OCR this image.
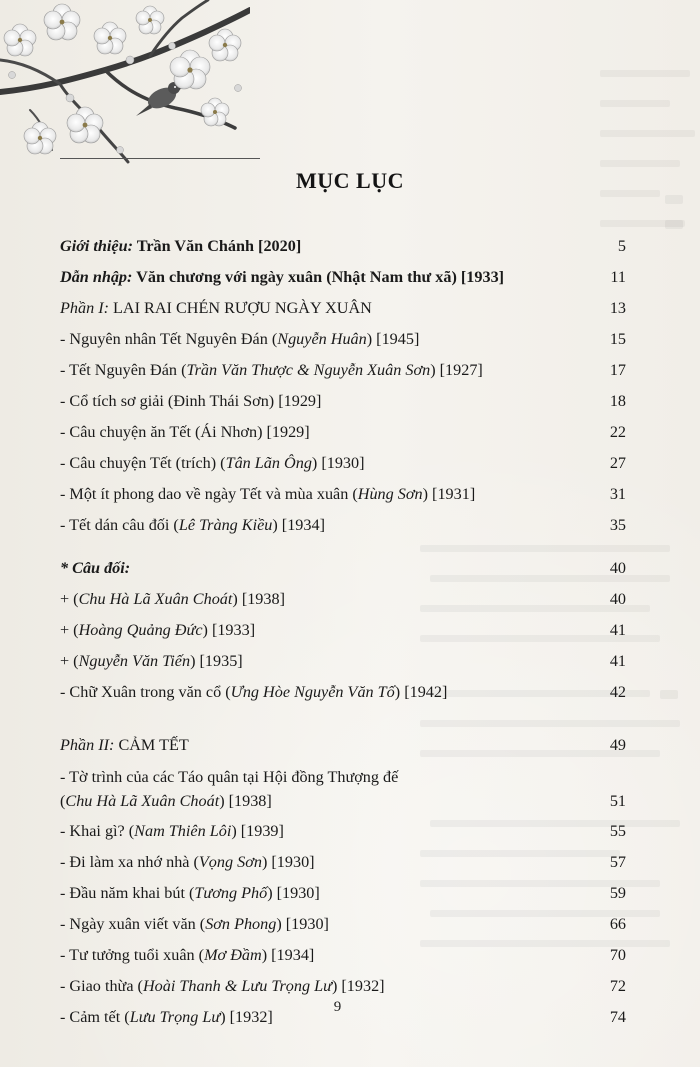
MỤC LỤC
Giới thiệu: Trần Văn Chánh [2020]	5
Dẫn nhập: Văn chương với ngày xuân (Nhật Nam thư xã) [1933]	11
Phần I: LAI RAI CHÉN RƯỢU NGÀY XUÂN	13
- Nguyên nhân Tết Nguyên Đán (Nguyễn Huân) [1945]	15
- Tết Nguyên Đán (Trần Văn Thược & Nguyễn Xuân Sơn) [1927]	17
- Cổ tích sơ giải (Đinh Thái Sơn) [1929]	18
- Câu chuyện ăn Tết (Ái Nhơn) [1929]	22
- Câu chuyện Tết (trích) (Tân Lãn Ông) [1930]	27
- Một ít phong dao về ngày Tết và mùa xuân (Hùng Sơn) [1931]	31
- Tết dán câu đối (Lê Tràng Kiều) [1934]	35
* Câu đối:	40
+ (Chu Hà Lã Xuân Choát) [1938]	40
+ (Hoàng Quảng Đức) [1933]	41
+ (Nguyễn Văn Tiến) [1935]	41
- Chữ Xuân trong văn cổ (Ưng Hòe Nguyễn Văn Tố) [1942]	42
Phần II: CẢM TẾT	49
- Tờ trình của các Táo quân tại Hội đồng Thượng đế
(Chu Hà Lã Xuân Choát) [1938]	51
- Khai gì? (Nam Thiên Lôi) [1939]	55
- Đi làm xa nhớ nhà (Vọng Sơn) [1930]	57
- Đầu năm khai bút (Tương Phố) [1930]	59
- Ngày xuân viết văn (Sơn Phong) [1930]	66
- Tư tưởng tuổi xuân (Mơ Đầm) [1934]	70
- Giao thừa (Hoài Thanh & Lưu Trọng Lư) [1932]	72
- Cảm tết (Lưu Trọng Lư) [1932]	74
9
